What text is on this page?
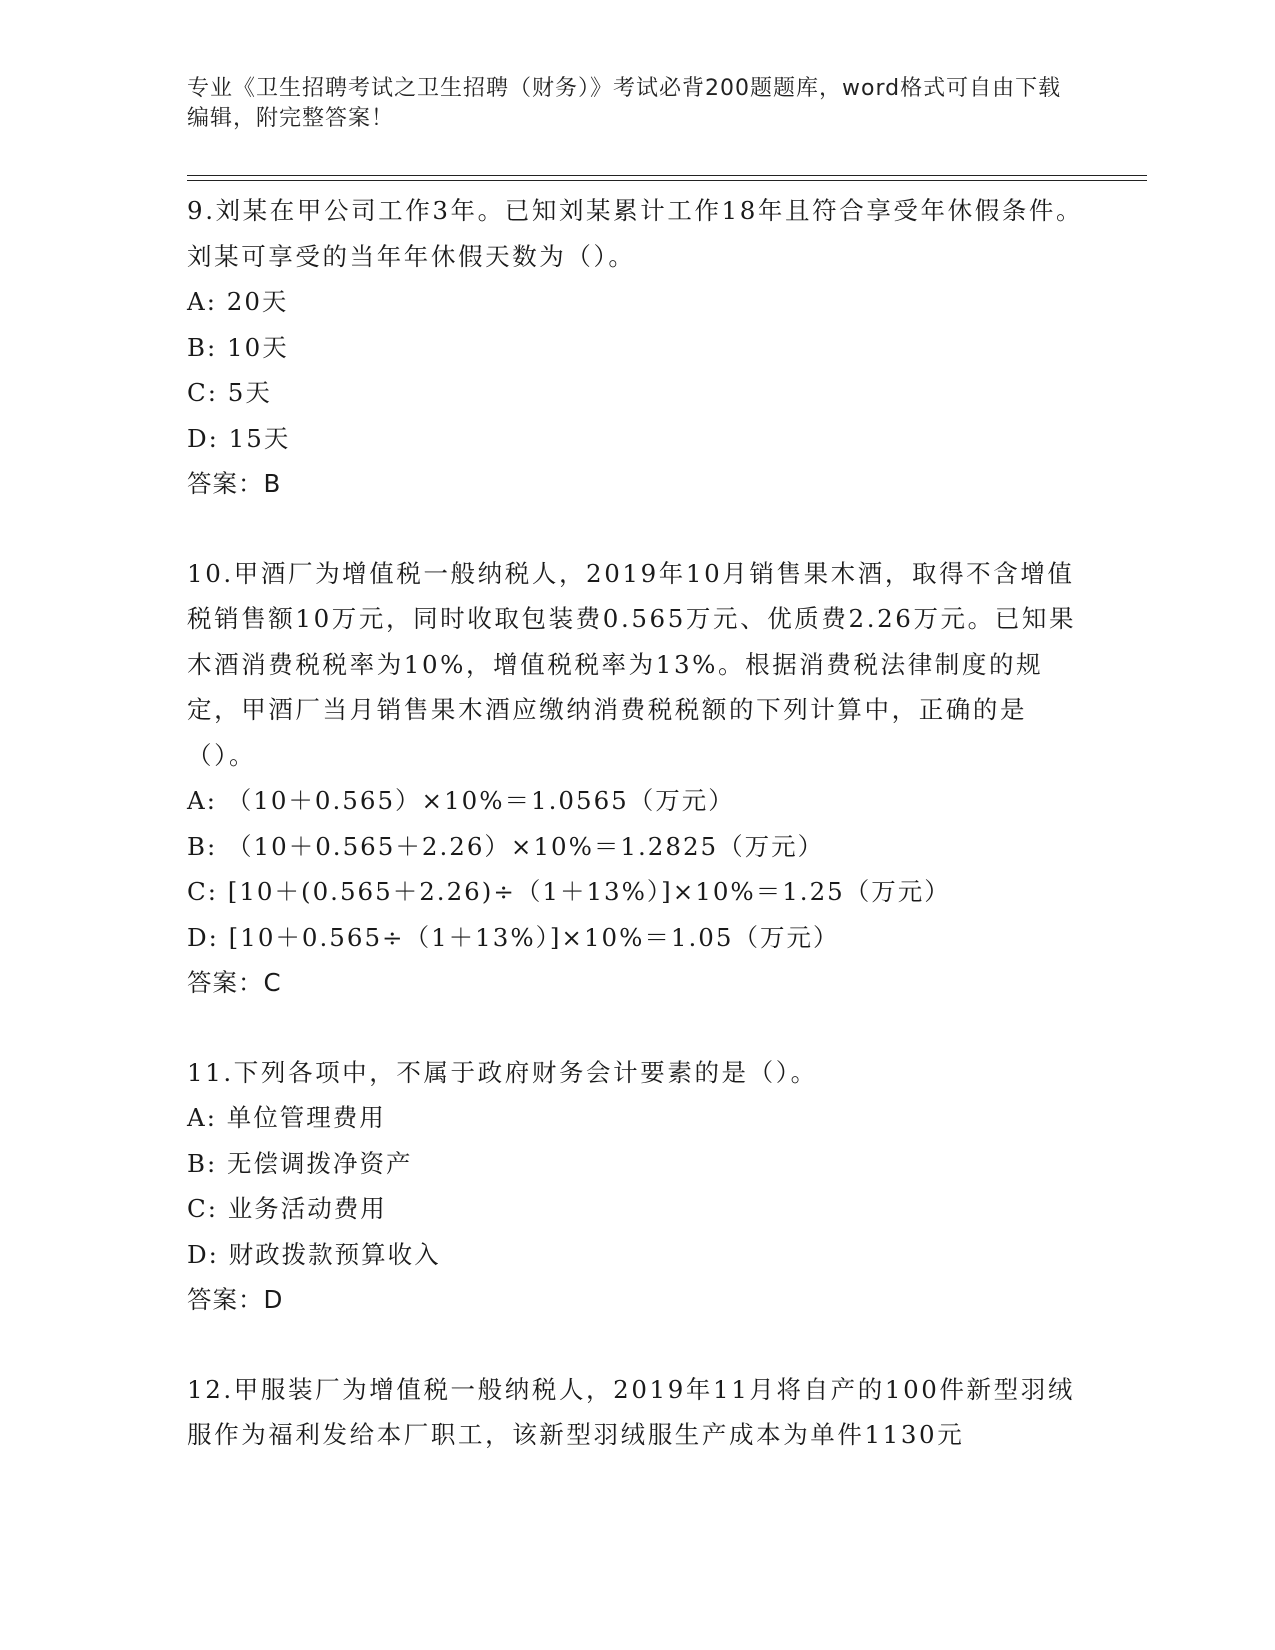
专业《卫生招聘考试之卫生招聘（财务）》考试必背200题题库，word格式可自由下载编辑，附完整答案！

9.刘某在甲公司工作3年。已知刘某累计工作18年且符合享受年休假条件。刘某可享受的当年年休假天数为（）。

A: 20天

B: 10天

C: 5天

D: 15天

答案：B

10.甲酒厂为增值税一般纳税人，2019年10月销售果木酒，取得不含增值税销售额10万元，同时收取包装费0.565万元、优质费2.26万元。已知果木酒消费税税率为10%，增值税税率为13%。根据消费税法律制度的规定，甲酒厂当月销售果木酒应缴纳消费税税额的下列计算中，正确的是（）。

A: （10＋0.565）×10%＝1.0565（万元）

B: （10＋0.565＋2.26）×10%＝1.2825（万元）

C: [10＋(0.565＋2.26)÷（1＋13%）]×10%＝1.25（万元）

D: [10＋0.565÷（1＋13%）]×10%＝1.05（万元）

答案：C

11.下列各项中，不属于政府财务会计要素的是（）。

A: 单位管理费用

B: 无偿调拨净资产

C: 业务活动费用

D: 财政拨款预算收入

答案：D

12.甲服装厂为增值税一般纳税人，2019年11月将自产的100件新型羽绒服作为福利发给本厂职工，该新型羽绒服生产成本为单件1130元
